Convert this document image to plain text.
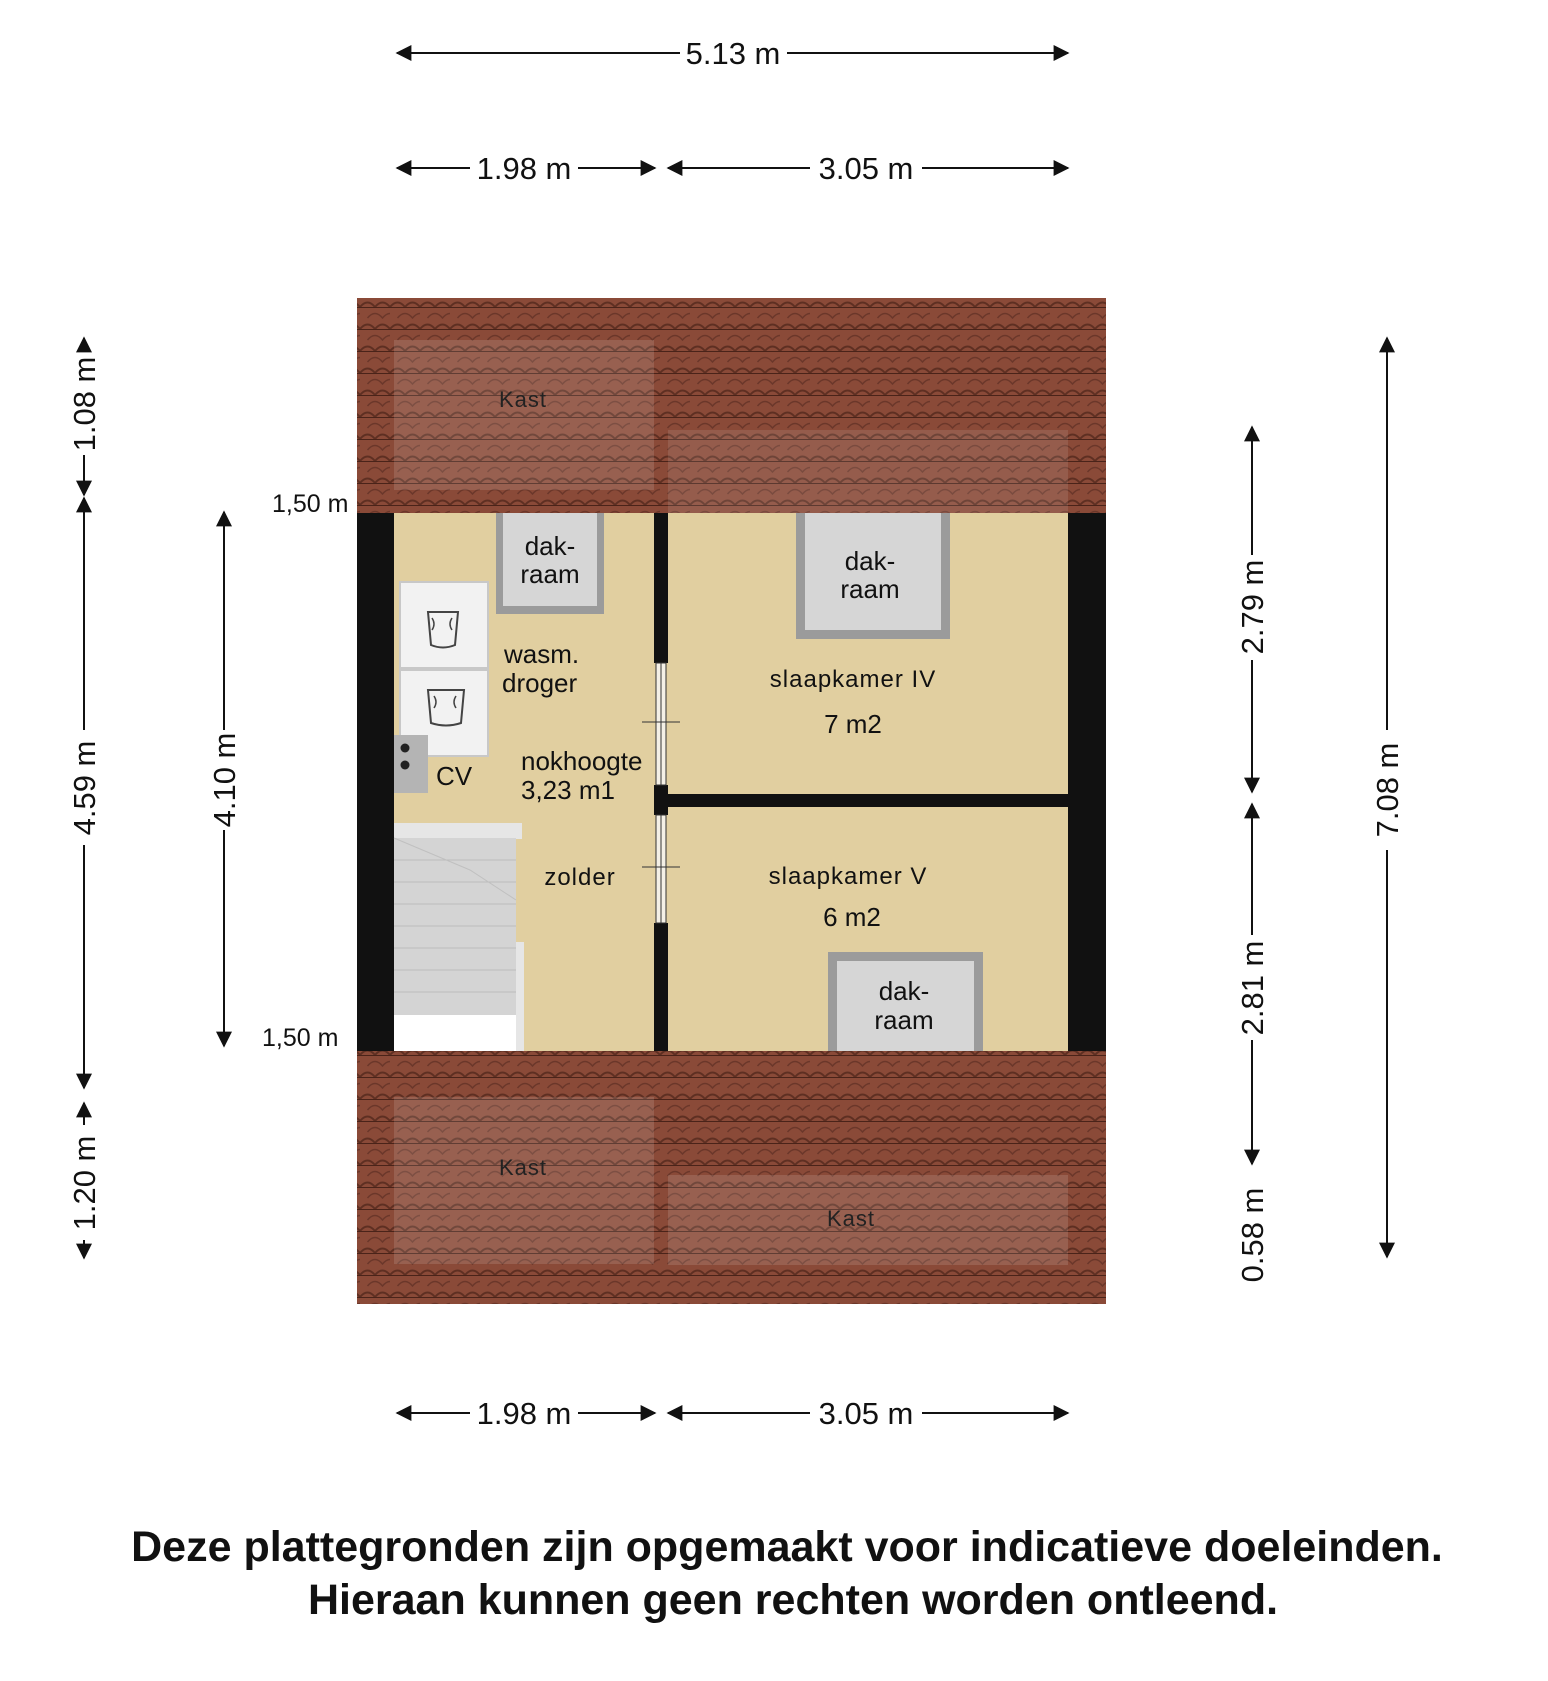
5.13 m
1.98 m	3.05 m
dak-
raam	dak-
raam
dak-
raam
CV
wasm.
droger
nokhoogte
3,23 m1
zolder
slaapkamer IV
7 m2
slaapkamer V
6 m2
Kast
Kast
Kast
1,50 m
1,50 m
1.08 m
4.59 m
1.20 m
4.10 m
2.79 m
2.81 m
0.58 m
7.08 m
1.98 m	3.05 m
Deze plattegronden zijn opgemaakt voor indicatieve doeleinden.
Hieraan kunnen geen rechten worden ontleend.
